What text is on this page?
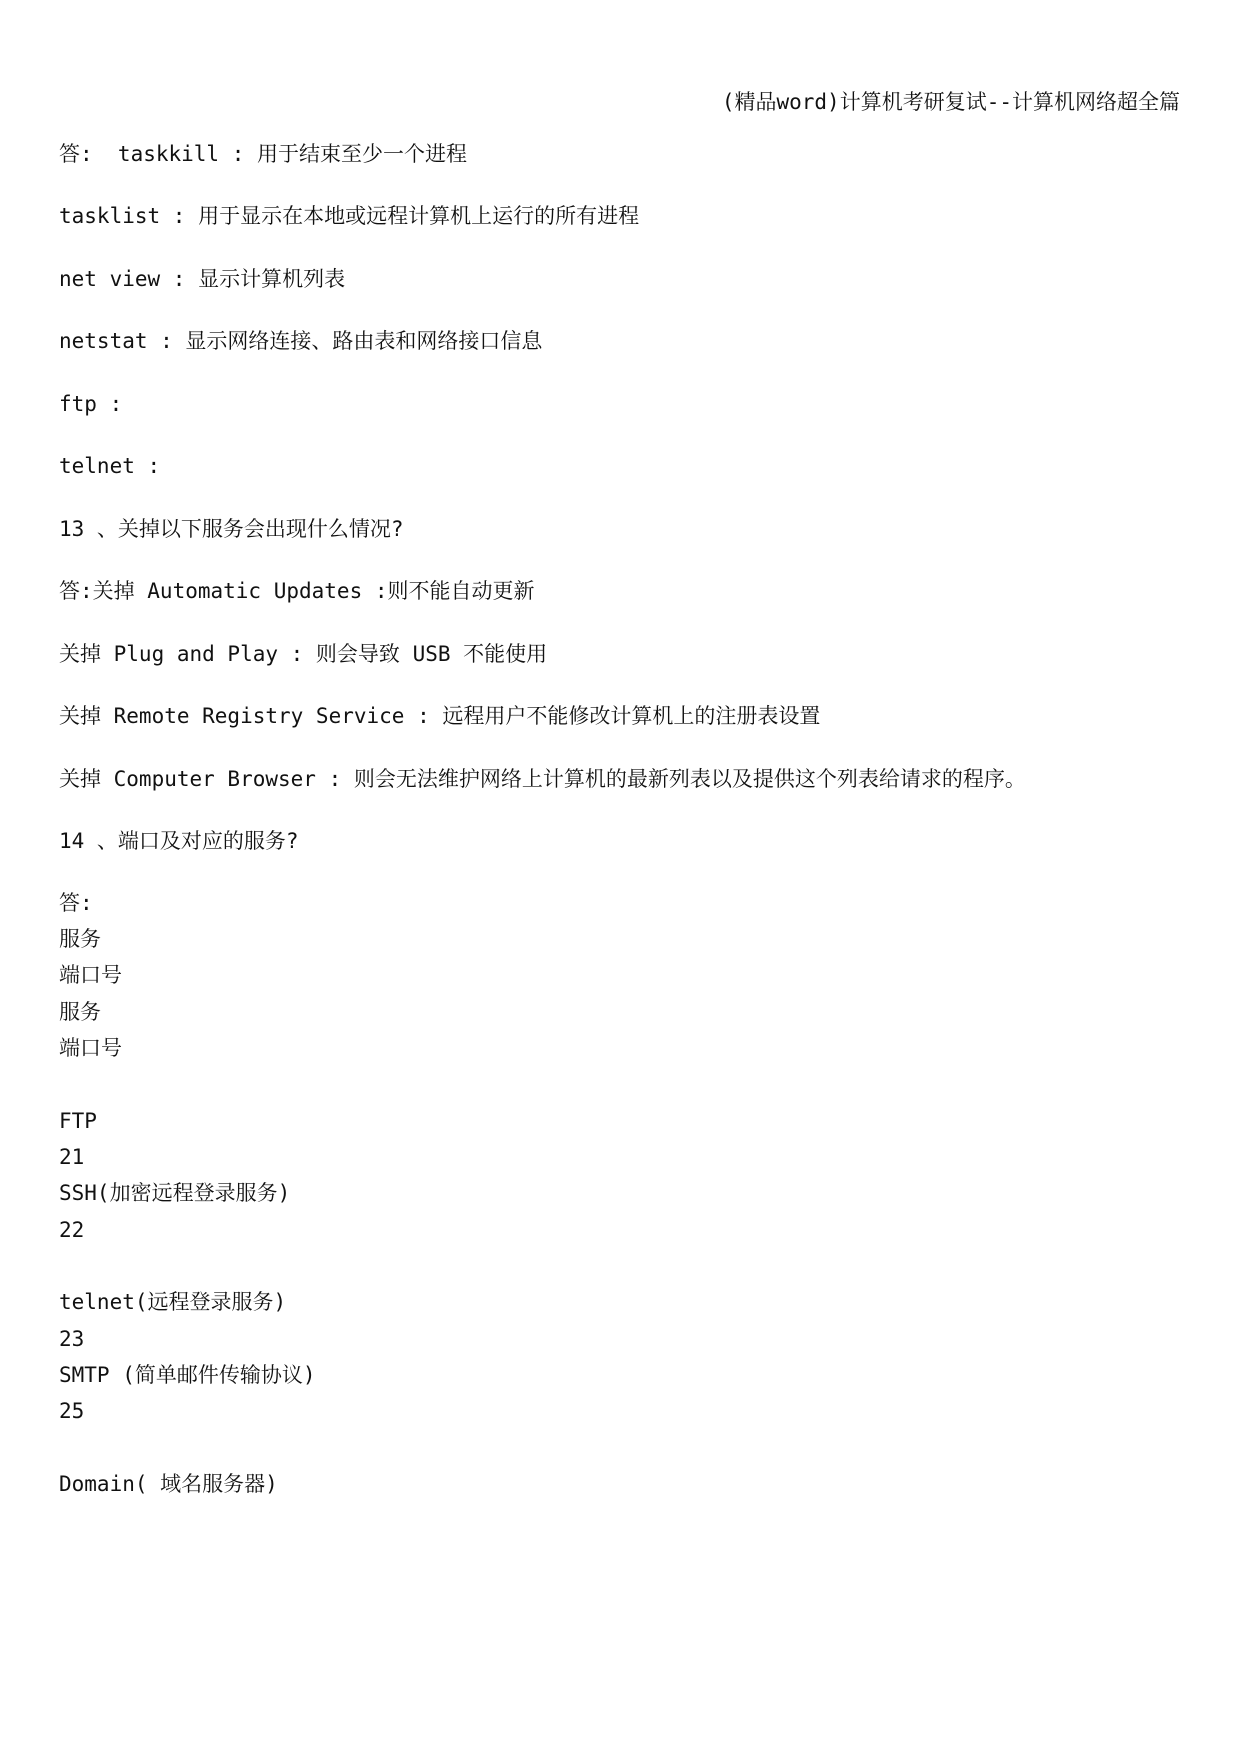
(精品word)计算机考研复试--计算机网络超全篇
答:  taskkill : 用于结束至少一个进程
tasklist : 用于显示在本地或远程计算机上运行的所有进程
net view : 显示计算机列表
netstat : 显示网络连接、路由表和网络接口信息
ftp :
telnet :
13 、关掉以下服务会出现什么情况?
答:关掉 Automatic Updates :则不能自动更新
关掉 Plug and Play : 则会导致 USB 不能使用
关掉 Remote Registry Service : 远程用户不能修改计算机上的注册表设置
关掉 Computer Browser : 则会无法维护网络上计算机的最新列表以及提供这个列表给请求的程序。
14 、端口及对应的服务?
答:
服务
端口号
服务
端口号
FTP
21
SSH(加密远程登录服务)
22
telnet(远程登录服务)
23
SMTP (简单邮件传输协议)
25
Domain( 域名服务器)
